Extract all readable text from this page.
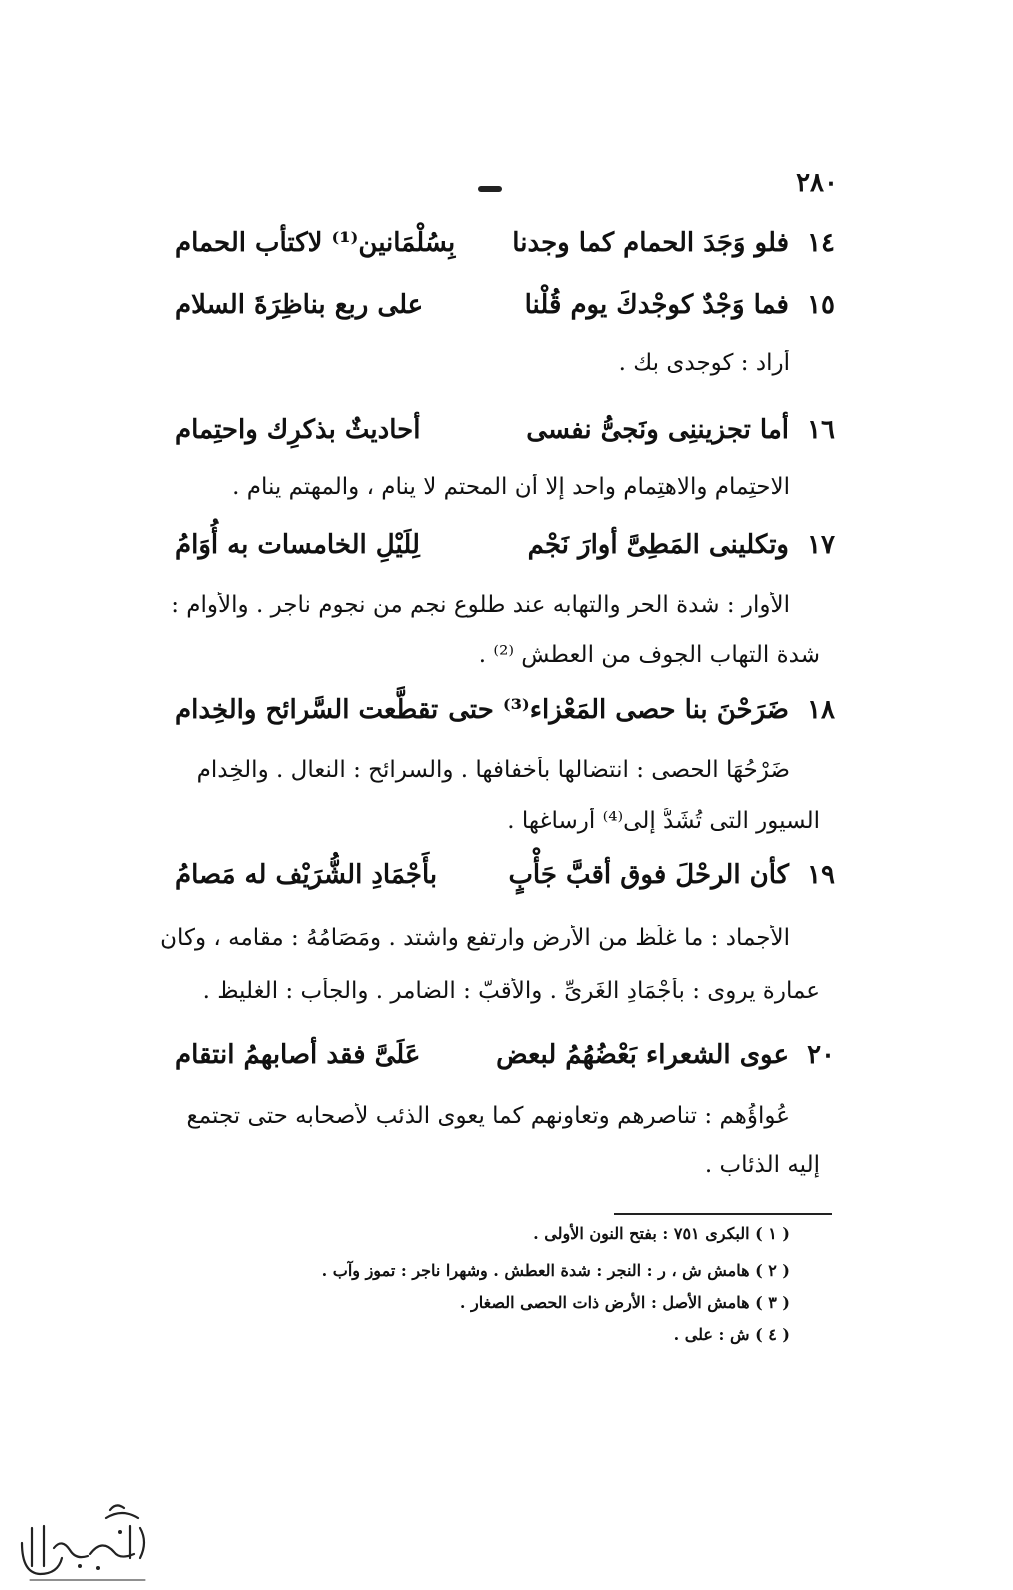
٢٨٠
١٤
فلو وَجَدَ الحمام كما وجدنا
بِسُلْمَانين⁽¹⁾ لاكتأب الحمام
١٥
فما وَجْدٌ كوجْدكَ يوم قُلْنا
على ربع بناظِرَةَ السلام
أراد : كوجدى بك .
١٦
أما تجزيننِى ونَجىُّ نفسى
أحاديثٌ بذكرِك واحتِمام
الاحتِمام والاهتِمام واحد إلا أن المحتم لا ينام ، والمهتم ينام .
١٧
وتكلينى المَطِىَّ أوارَ نَجْم
لِلَيْلِ الخامسات به أُوَامُ
الأُوار : شدة الحر والتهابه عند طلوع نجم من نجوم ناجر . والأُوام :
شدة التهاب الجوف من العطش ⁽²⁾ .
١٨
ضَرَحْنَ بنا حصى المَعْزاء⁽³⁾ حتى
تقطَّعت السَّرائح والخِدام
ضَرْحُهَا الحصى : انتضالها بأخفافها . والسرائح : النعال . والخِدام
السيور التى تُشَدُّ إلى⁽⁴⁾ أرساغها .
١٩
كأن الرحْلَ فوق أقبَّ جَأْبٍ
بأَجْمَادِ الشُّرَيْف له مَصامُ
الأَجماد : ما غلُظ من الأرض وارتفع واشتد . ومَصَامُهُ : مقامه ، وكان
عمارة يروى : بأَجْمَادِ الغَرِىِّ . والأقبّ : الضامر . والجأْب : الغليظ .
٢٠
عوى الشعراء بَعْضُهُمُ لبعض
عَلَىَّ فقد أصابهمُ انتقام
عُواؤُهم : تناصرهم وتعاونهم كما يعوى الذئب لأصحابه حتى تجتمع
إليه الذئاب .
( ١ ) البكرى ٧٥١ : بفتح النون الأولى .
( ٢ ) هامش ش ، ر : النجر : شدة العطش . وشهرا ناجر : تموز وآب .
( ٣ ) هامش الأصل : الأرض ذات الحصى الصغار .
( ٤ ) ش : على .
